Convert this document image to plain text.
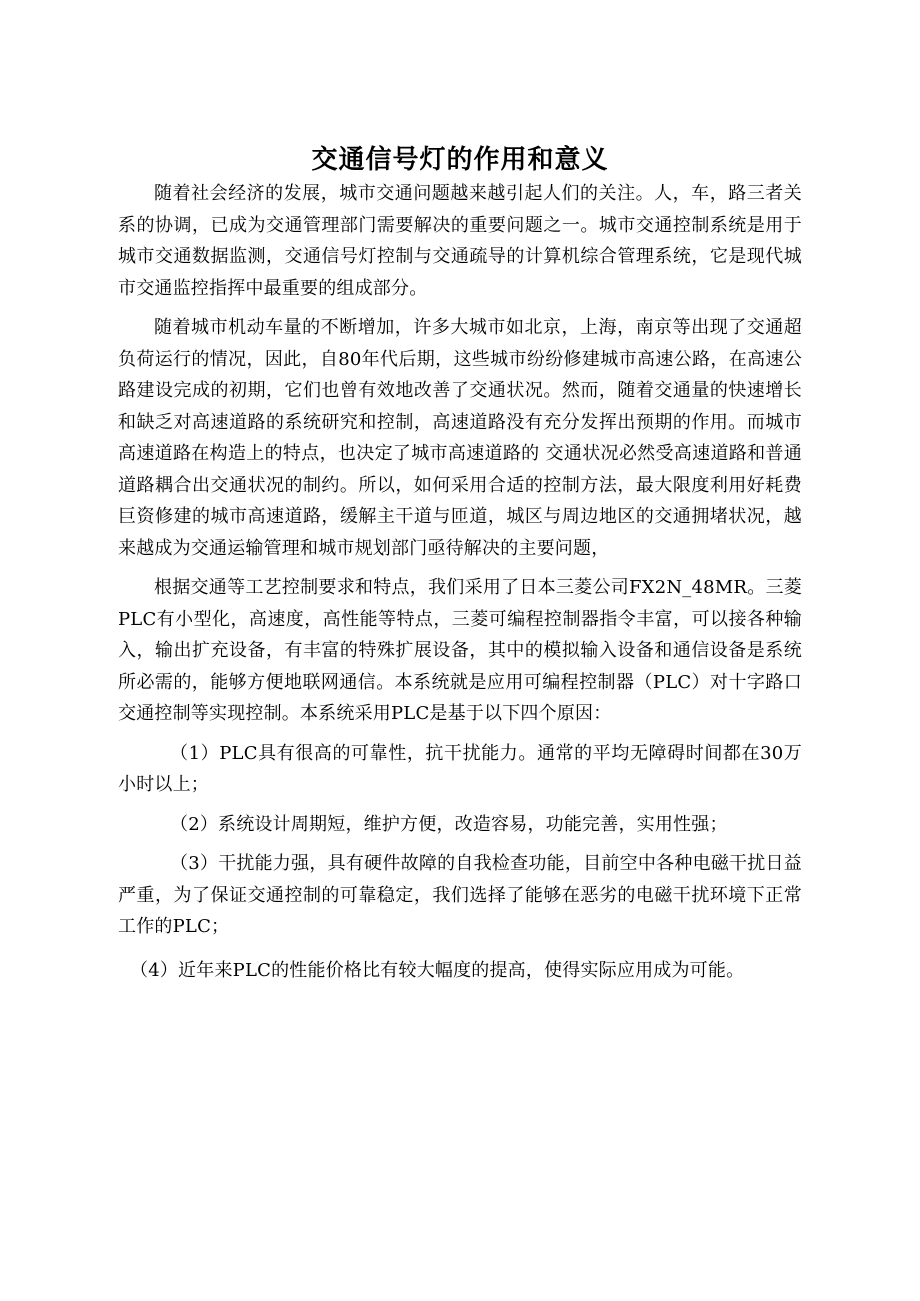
交通信号灯的作用和意义

随着社会经济的发展，城市交通问题越来越引起人们的关注。人，车，路三者关系的协调，已成为交通管理部门需要解决的重要问题之一。城市交通控制系统是用于城市交通数据监测，交通信号灯控制与交通疏导的计算机综合管理系统，它是现代城市交通监控指挥中最重要的组成部分。

随着城市机动车量的不断增加，许多大城市如北京，上海，南京等出现了交通超负荷运行的情况，因此，自80年代后期，这些城市纷纷修建城市高速公路，在高速公路建设完成的初期，它们也曾有效地改善了交通状况。然而，随着交通量的快速增长和缺乏对高速道路的系统研究和控制，高速道路没有充分发挥出预期的作用。而城市高速道路在构造上的特点，也决定了城市高速道路的 交通状况必然受高速道路和普通道路耦合出交通状况的制约。所以，如何采用合适的控制方法，最大限度利用好耗费巨资修建的城市高速道路，缓解主干道与匝道，城区与周边地区的交通拥堵状况，越来越成为交通运输管理和城市规划部门亟待解决的主要问题，

根据交通等工艺控制要求和特点，我们采用了日本三菱公司FX2N_48MR。三菱PLC有小型化，高速度，高性能等特点，三菱可编程控制器指令丰富，可以接各种输入，输出扩充设备，有丰富的特殊扩展设备，其中的模拟输入设备和通信设备是系统所必需的，能够方便地联网通信。本系统就是应用可编程控制器（PLC）对十字路口交通控制等实现控制。本系统采用PLC是基于以下四个原因：

（1）PLC具有很高的可靠性，抗干扰能力。通常的平均无障碍时间都在30万小时以上；

（2）系统设计周期短，维护方便，改造容易，功能完善，实用性强；

（3）干扰能力强，具有硬件故障的自我检查功能，目前空中各种电磁干扰日益严重，为了保证交通控制的可靠稳定，我们选择了能够在恶劣的电磁干扰环境下正常工作的PLC；

（4）近年来PLC的性能价格比有较大幅度的提高，使得实际应用成为可能。
